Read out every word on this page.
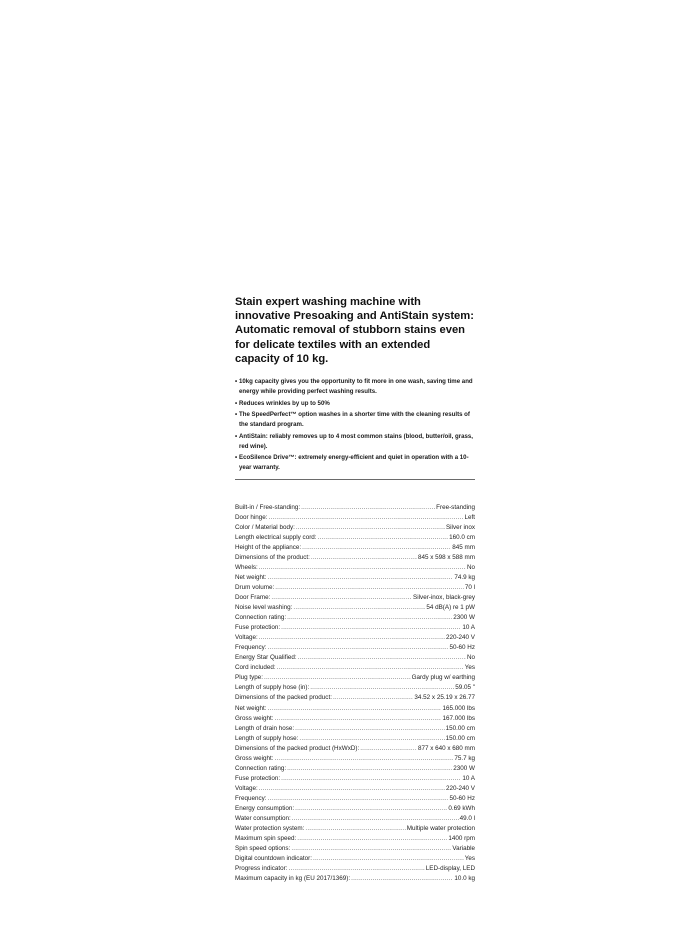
Stain expert washing machine with innovative Presoaking and AntiStain system: Automatic removal of stubborn stains even for delicate textiles with an extended capacity of 10 kg.
• 10kg capacity gives you the opportunity to fit more in one wash, saving time and energy while providing perfect washing results.
• Reduces wrinkles by up to 50%
• The SpeedPerfect™ option washes in a shorter time with the cleaning results of the standard program.
• AntiStain: reliably removes up to 4 most common stains (blood, butter/oil, grass, red wine).
• EcoSilence Drive™: extremely energy-efficient and quiet in operation with a 10-year warranty.
Built-in / Free-standing: .....	Free-standing
Door hinge: .....	Left
Color / Material body: .....	Silver inox
Length electrical supply cord: .....	160.0 cm
Height of the appliance: .....	845 mm
Dimensions of the product: .....	845 x 598 x 588 mm
Wheels: .....	No
Net weight: .....	74.9 kg
Drum volume: .....	70 l
Door Frame: .....	Silver-inox, black-grey
Noise level washing: .....	54 dB(A) re 1 pW
Connection rating: .....	2300 W
Fuse protection: .....	10 A
Voltage: .....	220-240 V
Frequency: .....	50-60 Hz
Energy Star Qualified: .....	No
Cord included: .....	Yes
Plug type: .....	Gardy plug w/ earthing
Length of supply hose (in): .....	59.05 "
Dimensions of the packed product: .....	34.52 x 25.19 x 26.77
Net weight: .....	165.000 lbs
Gross weight: .....	167.000 lbs
Length of drain hose: .....	150.00 cm
Length of supply hose: .....	150.00 cm
Dimensions of the packed product (HxWxD): .....	877 x 640 x 680 mm
Gross weight: .....	75.7 kg
Connection rating: .....	2300 W
Fuse protection: .....	10 A
Voltage: .....	220-240 V
Frequency: .....	50-60 Hz
Energy consumption: .....	0.69 kWh
Water consumption: .....	49.0 l
Water protection system: .....	Multiple water protection
Maximum spin speed: .....	1400 rpm
Spin speed options: .....	Variable
Digital countdown indicator: .....	Yes
Progress indicator: .....	LED-display, LED
Maximum capacity in kg (EU 2017/1369): .....	10.0 kg
